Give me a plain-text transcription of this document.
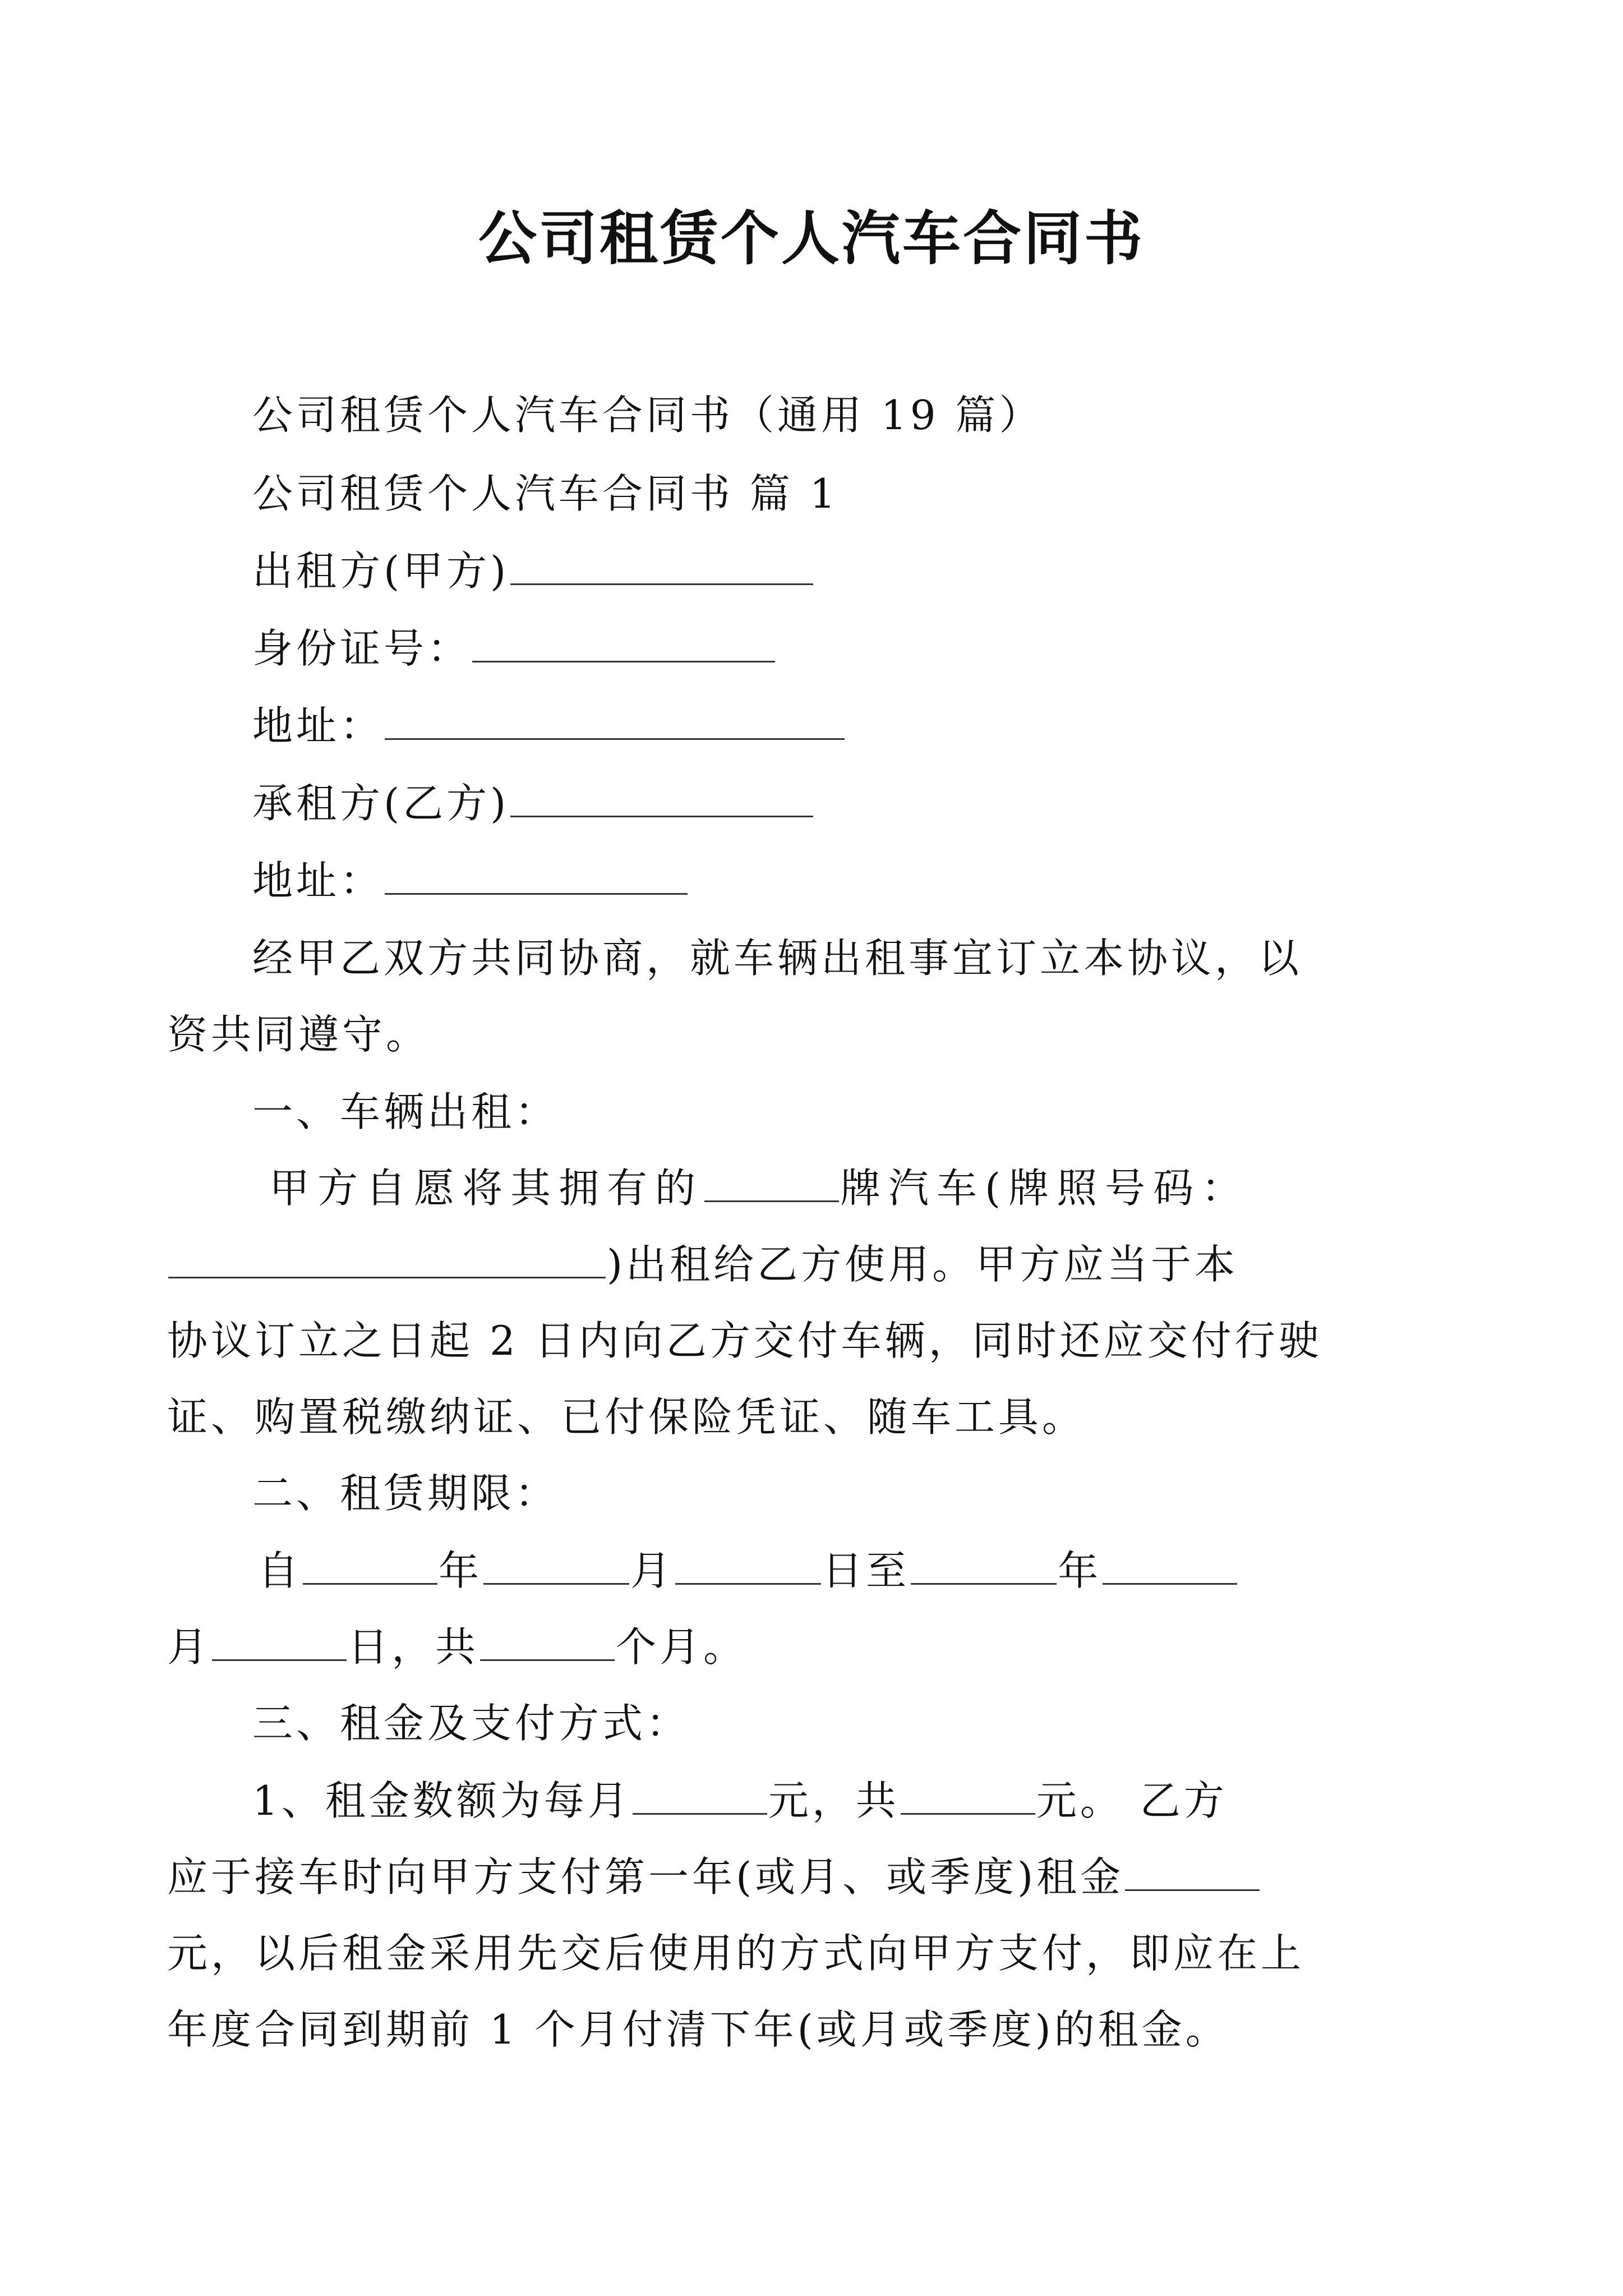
公司租赁个人汽车合同书
公司租赁个人汽车合同书（通用 19 篇）
公司租赁个人汽车合同书 篇 1
出租方(甲方)
身份证号：
地址：
承租方(乙方)
地址：
经甲乙双方共同协商，就车辆出租事宜订立本协议，以
资共同遵守。
一、车辆出租：
甲方自愿将其拥有的	牌汽车(牌照号码：
)出租给乙方使用。甲方应当于本
协议订立之日起 2 日内向乙方交付车辆，同时还应交付行驶
证、购置税缴纳证、已付保险凭证、随车工具。
二、租赁期限：
自	年	月	日至	年
月	日，共	个月。
三、租金及支付方式：
1、租金数额为每月	元，共	元。 乙方
应于接车时向甲方支付第一年(或月、或季度)租金
元，以后租金采用先交后使用的方式向甲方支付，即应在上
年度合同到期前 1 个月付清下年(或月或季度)的租金。
